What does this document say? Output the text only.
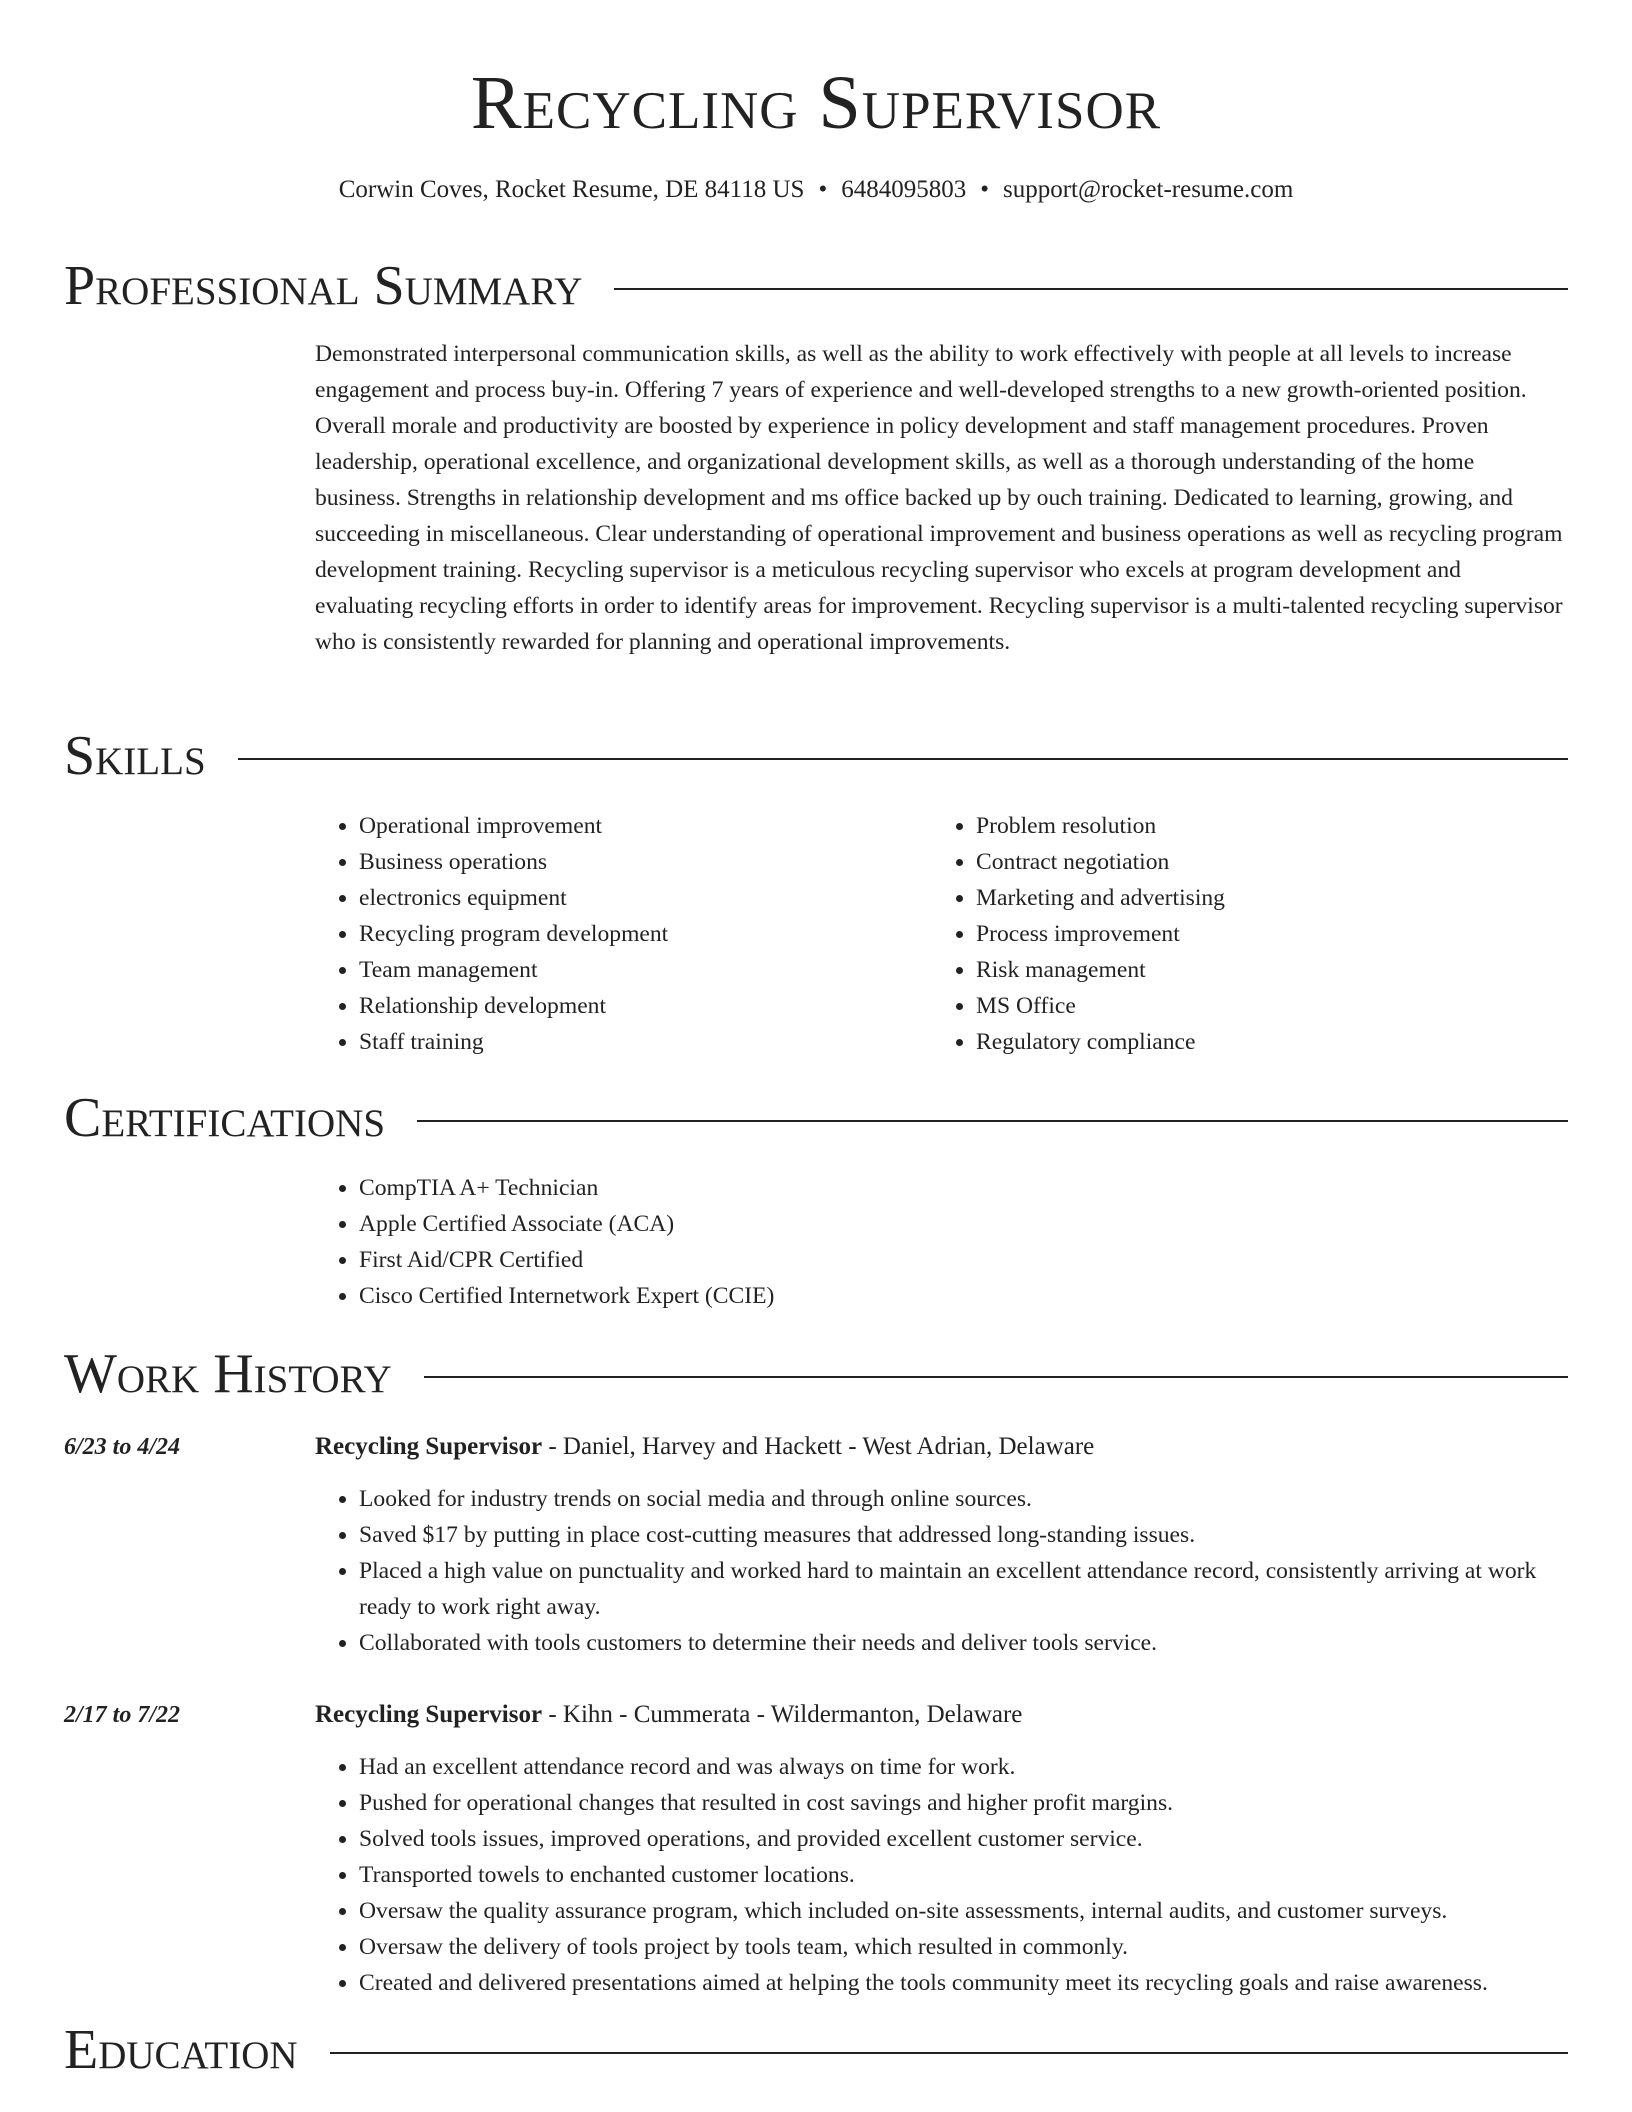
Recycling Supervisor
Corwin Coves, Rocket Resume, DE 84118 US • 6484095803 • support@rocket-resume.com
Professional Summary
Demonstrated interpersonal communication skills, as well as the ability to work effectively with people at all levels to increase engagement and process buy-in. Offering 7 years of experience and well-developed strengths to a new growth-oriented position. Overall morale and productivity are boosted by experience in policy development and staff management procedures. Proven leadership, operational excellence, and organizational development skills, as well as a thorough understanding of the home business. Strengths in relationship development and ms office backed up by ouch training. Dedicated to learning, growing, and succeeding in miscellaneous. Clear understanding of operational improvement and business operations as well as recycling program development training. Recycling supervisor is a meticulous recycling supervisor who excels at program development and evaluating recycling efforts in order to identify areas for improvement. Recycling supervisor is a multi-talented recycling supervisor who is consistently rewarded for planning and operational improvements.
Skills
• Operational improvement
• Business operations
• electronics equipment
• Recycling program development
• Team management
• Relationship development
• Staff training
• Problem resolution
• Contract negotiation
• Marketing and advertising
• Process improvement
• Risk management
• MS Office
• Regulatory compliance
Certifications
• CompTIA A+ Technician
• Apple Certified Associate (ACA)
• First Aid/CPR Certified
• Cisco Certified Internetwork Expert (CCIE)
Work History
6/23 to 4/24	Recycling Supervisor - Daniel, Harvey and Hackett - West Adrian, Delaware
• Looked for industry trends on social media and through online sources.
• Saved $17 by putting in place cost-cutting measures that addressed long-standing issues.
• Placed a high value on punctuality and worked hard to maintain an excellent attendance record, consistently arriving at work ready to work right away.
• Collaborated with tools customers to determine their needs and deliver tools service.
2/17 to 7/22	Recycling Supervisor - Kihn - Cummerata - Wildermanton, Delaware
• Had an excellent attendance record and was always on time for work.
• Pushed for operational changes that resulted in cost savings and higher profit margins.
• Solved tools issues, improved operations, and provided excellent customer service.
• Transported towels to enchanted customer locations.
• Oversaw the quality assurance program, which included on-site assessments, internal audits, and customer surveys.
• Oversaw the delivery of tools project by tools team, which resulted in commonly.
• Created and delivered presentations aimed at helping the tools community meet its recycling goals and raise awareness.
Education
